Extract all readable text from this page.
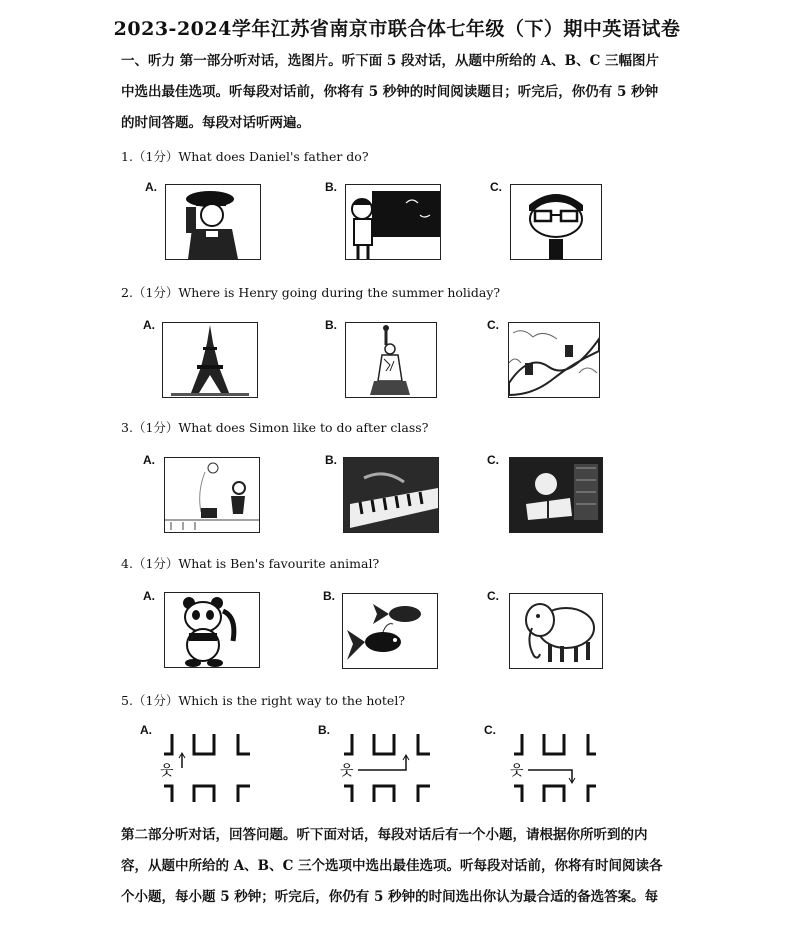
2023-2024学年江苏省南京市联合体七年级（下）期中英语试卷
一、听力 第一部分听对话，选图片。听下面 5 段对话，从题中所给的 A、B、C 三幅图片
中选出最佳选项。听每段对话前，你将有 5 秒钟的时间阅读题目；听完后，你仍有 5 秒钟
的时间答题。每段对话听两遍。
1.（1分）What does Daniel's father do?
A.	B.	C.
2.（1分）Where is Henry going during the summer holiday?
A.	B.	C.
3.（1分）What does Simon like to do after class?
A.	B.	C.
4.（1分）What is Ben's favourite animal?
A.	B.	C.
5.（1分）Which is the right way to the hotel?
A.
웃
B.
웃
C.
웃
第二部分听对话，回答问题。听下面对话，每段对话后有一个小题，请根据你所听到的内
容，从题中所给的 A、B、C 三个选项中选出最佳选项。听每段对话前，你将有时间阅读各
个小题，每小题 5 秒钟；听完后，你仍有 5 秒钟的时间选出你认为最合适的备选答案。每
